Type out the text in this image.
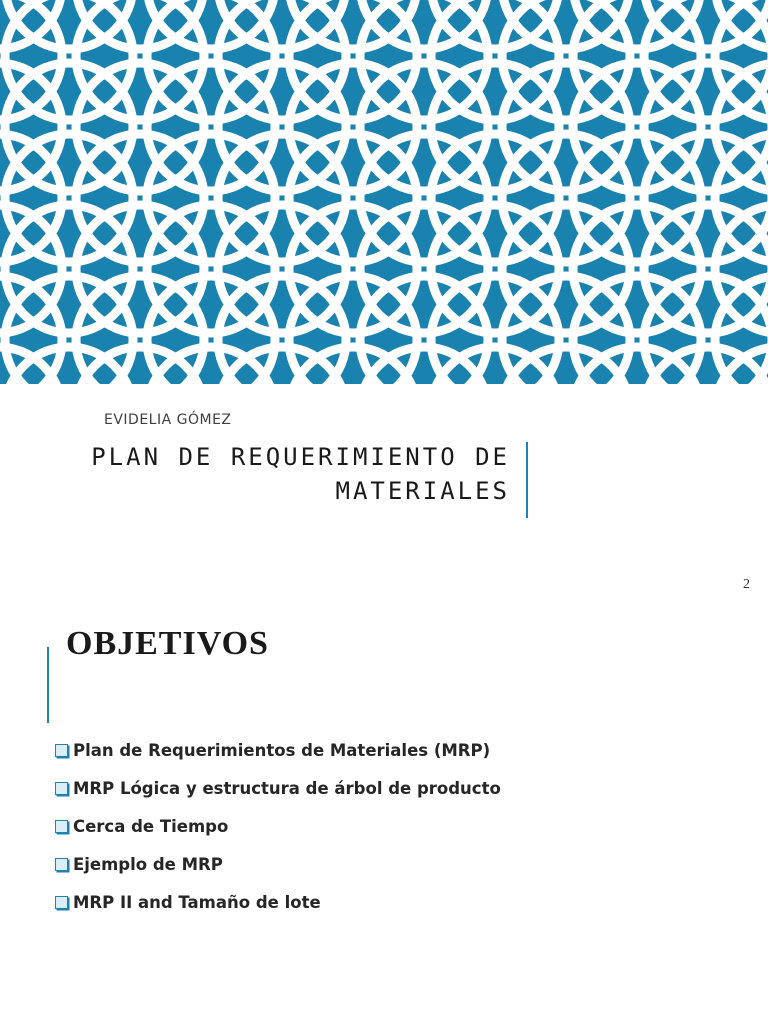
EVIDELIA GÓMEZ
PLAN DE REQUERIMIENTO DE
MATERIALES
2
OBJETIVOS
Plan de Requerimientos de Materiales (MRP)
MRP Lógica y estructura de árbol de producto
Cerca de Tiempo
Ejemplo de MRP
MRP II and Tamaño de lote
